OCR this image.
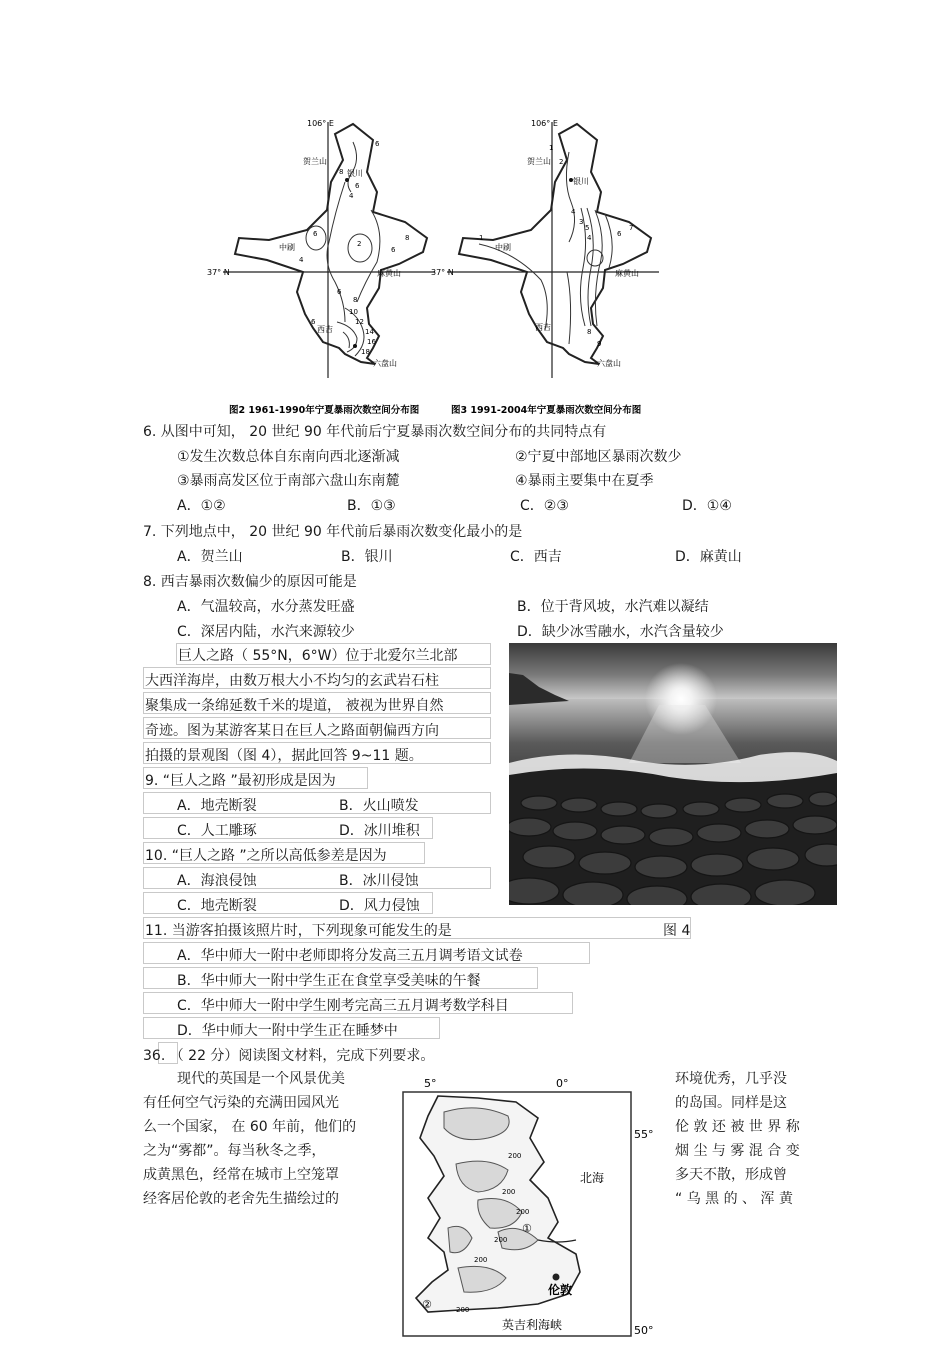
106° E
37° N
贺兰山
银川
中刷
麻黄山
西吉
六盘山
6
8
6
4
6
2
8
6
4
6
8
6
10
12
14
16
18
106° E
37° N
贺兰山
银川
中刷
麻黄山
西吉
六盘山
1
2
4
3
5
4	6
7
8
1
9
图2 1961-1990年宁夏暴雨次数空间分布图	图3 1991-2004年宁夏暴雨次数空间分布图
6. 从图中可知， 20 世纪 90 年代前后宁夏暴雨次数空间分布的共同特点有
①发生次数总体自东南向西北逐渐减	②宁夏中部地区暴雨次数少
③暴雨高发区位于南部六盘山东南麓	④暴雨主要集中在夏季
A．①②	B．①③	C．②③	D．①④
7. 下列地点中， 20 世纪 90 年代前后暴雨次数变化最小的是
A．贺兰山	B．银川	C．西吉	D．麻黄山
8. 西吉暴雨次数偏少的原因可能是
A．气温较高，水分蒸发旺盛	B．位于背风坡，水汽难以凝结
C．深居内陆，水汽来源较少	D．缺少冰雪融水，水汽含量较少
巨人之路（ 55°N，6°W）位于北爱尔兰北部
大西洋海岸，由数万根大小不均匀的玄武岩石柱
聚集成一条绵延数千米的堤道， 被视为世界自然
奇迹。图为某游客某日在巨人之路面朝偏西方向
拍摄的景观图（图 4），据此回答 9~11 题。
9. “巨人之路 ”最初形成是因为
A．地壳断裂	B．火山喷发
C．人工雕琢	D．冰川堆积
10. “巨人之路 ”之所以高低参差是因为
A．海浪侵蚀	B．冰川侵蚀
C．地壳断裂	D．风力侵蚀
11. 当游客拍摄该照片时，下列现象可能发生的是	图 4
A．华中师大一附中老师即将分发高三五月调考语文试卷
B．华中师大一附中学生正在食堂享受美味的午餐
C．华中师大一附中学生刚考完高三五月调考数学科目
D．华中师大一附中学生正在睡梦中
36. （ 22 分）阅读图文材料，完成下列要求。
现代的英国是一个风景优美
有任何空气污染的充满田园风光
么一个国家， 在 60 年前，他们的
之为“雾都”。每当秋冬之季，
成黄黑色，经常在城市上空笼罩
经客居伦敦的老舍先生描绘过的
环境优秀，几乎没
的岛国。同样是这
伦 敦 还 被 世 界 称
烟 尘 与 雾 混 合 变
多天不散，形成曾
“ 乌 黑 的 、 浑 黄
5°	0°
55°
50°
北海
伦敦
英吉利海峡
200
200
200
200
200
200
①
②
